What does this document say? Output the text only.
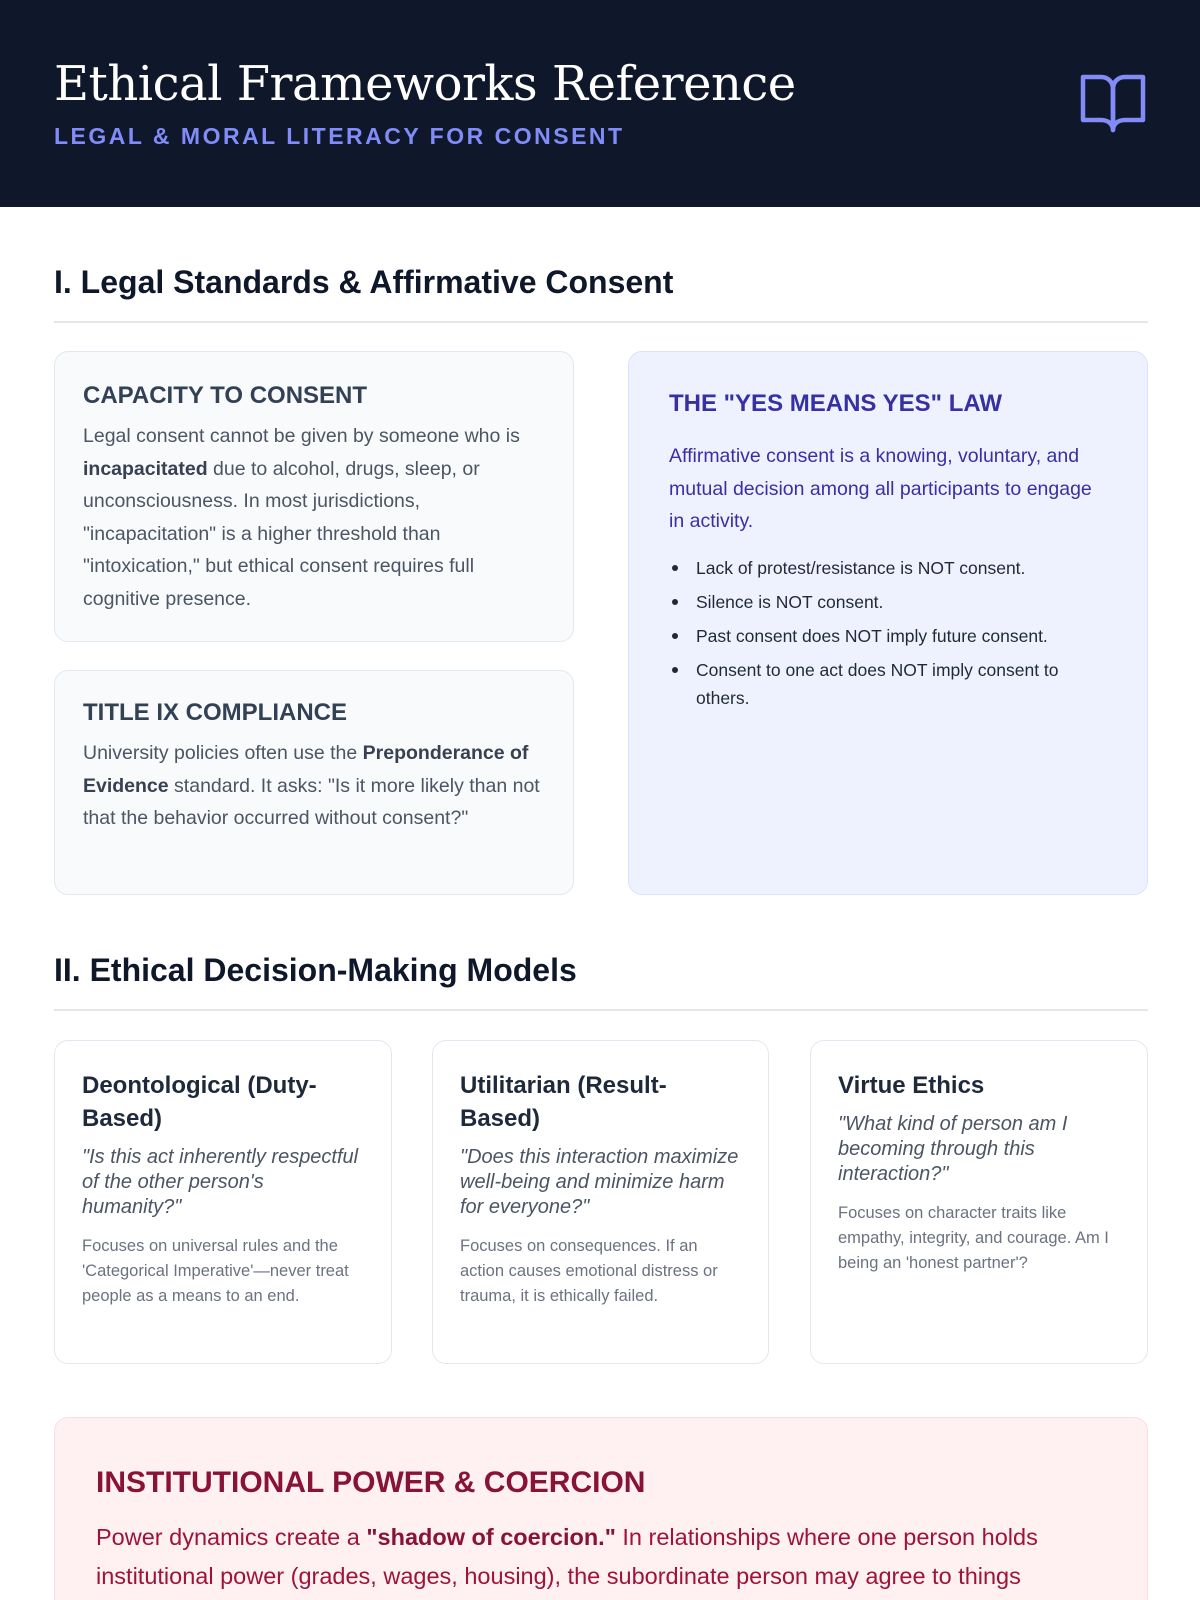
Ethical Frameworks Reference
LEGAL & MORAL LITERACY FOR CONSENT
I. Legal Standards & Affirmative Consent
CAPACITY TO CONSENT

Legal consent cannot be given by someone who is incapacitated due to alcohol, drugs, sleep, or unconsciousness. In most jurisdictions, "incapacitation" is a higher threshold than "intoxication," but ethical consent requires full cognitive presence.

TITLE IX COMPLIANCE

University policies often use the Preponderance of Evidence standard. It asks: "Is it more likely than not that the behavior occurred without consent?"

THE "YES MEANS YES" LAW

Affirmative consent is a knowing, voluntary, and mutual decision among all participants to engage in activity.

Lack of protest/resistance is NOT consent.
Silence is NOT consent.
Past consent does NOT imply future consent.
Consent to one act does NOT imply consent to others.
II. Ethical Decision-Making Models
Deontological (Duty-Based)
"Is this act inherently respectful of the other person's humanity?"
Focuses on universal rules and the 'Categorical Imperative'—never treat people as a means to an end.
Utilitarian (Result-Based)
"Does this interaction maximize well-being and minimize harm for everyone?"
Focuses on consequences. If an action causes emotional distress or trauma, it is ethically failed.
Virtue Ethics
"What kind of person am I becoming through this interaction?"
Focuses on character traits like empathy, integrity, and courage. Am I being an 'honest partner'?
INSTITUTIONAL POWER & COERCION

Power dynamics create a "shadow of coercion." In relationships where one person holds institutional power (grades, wages, housing), the subordinate person may agree to things
